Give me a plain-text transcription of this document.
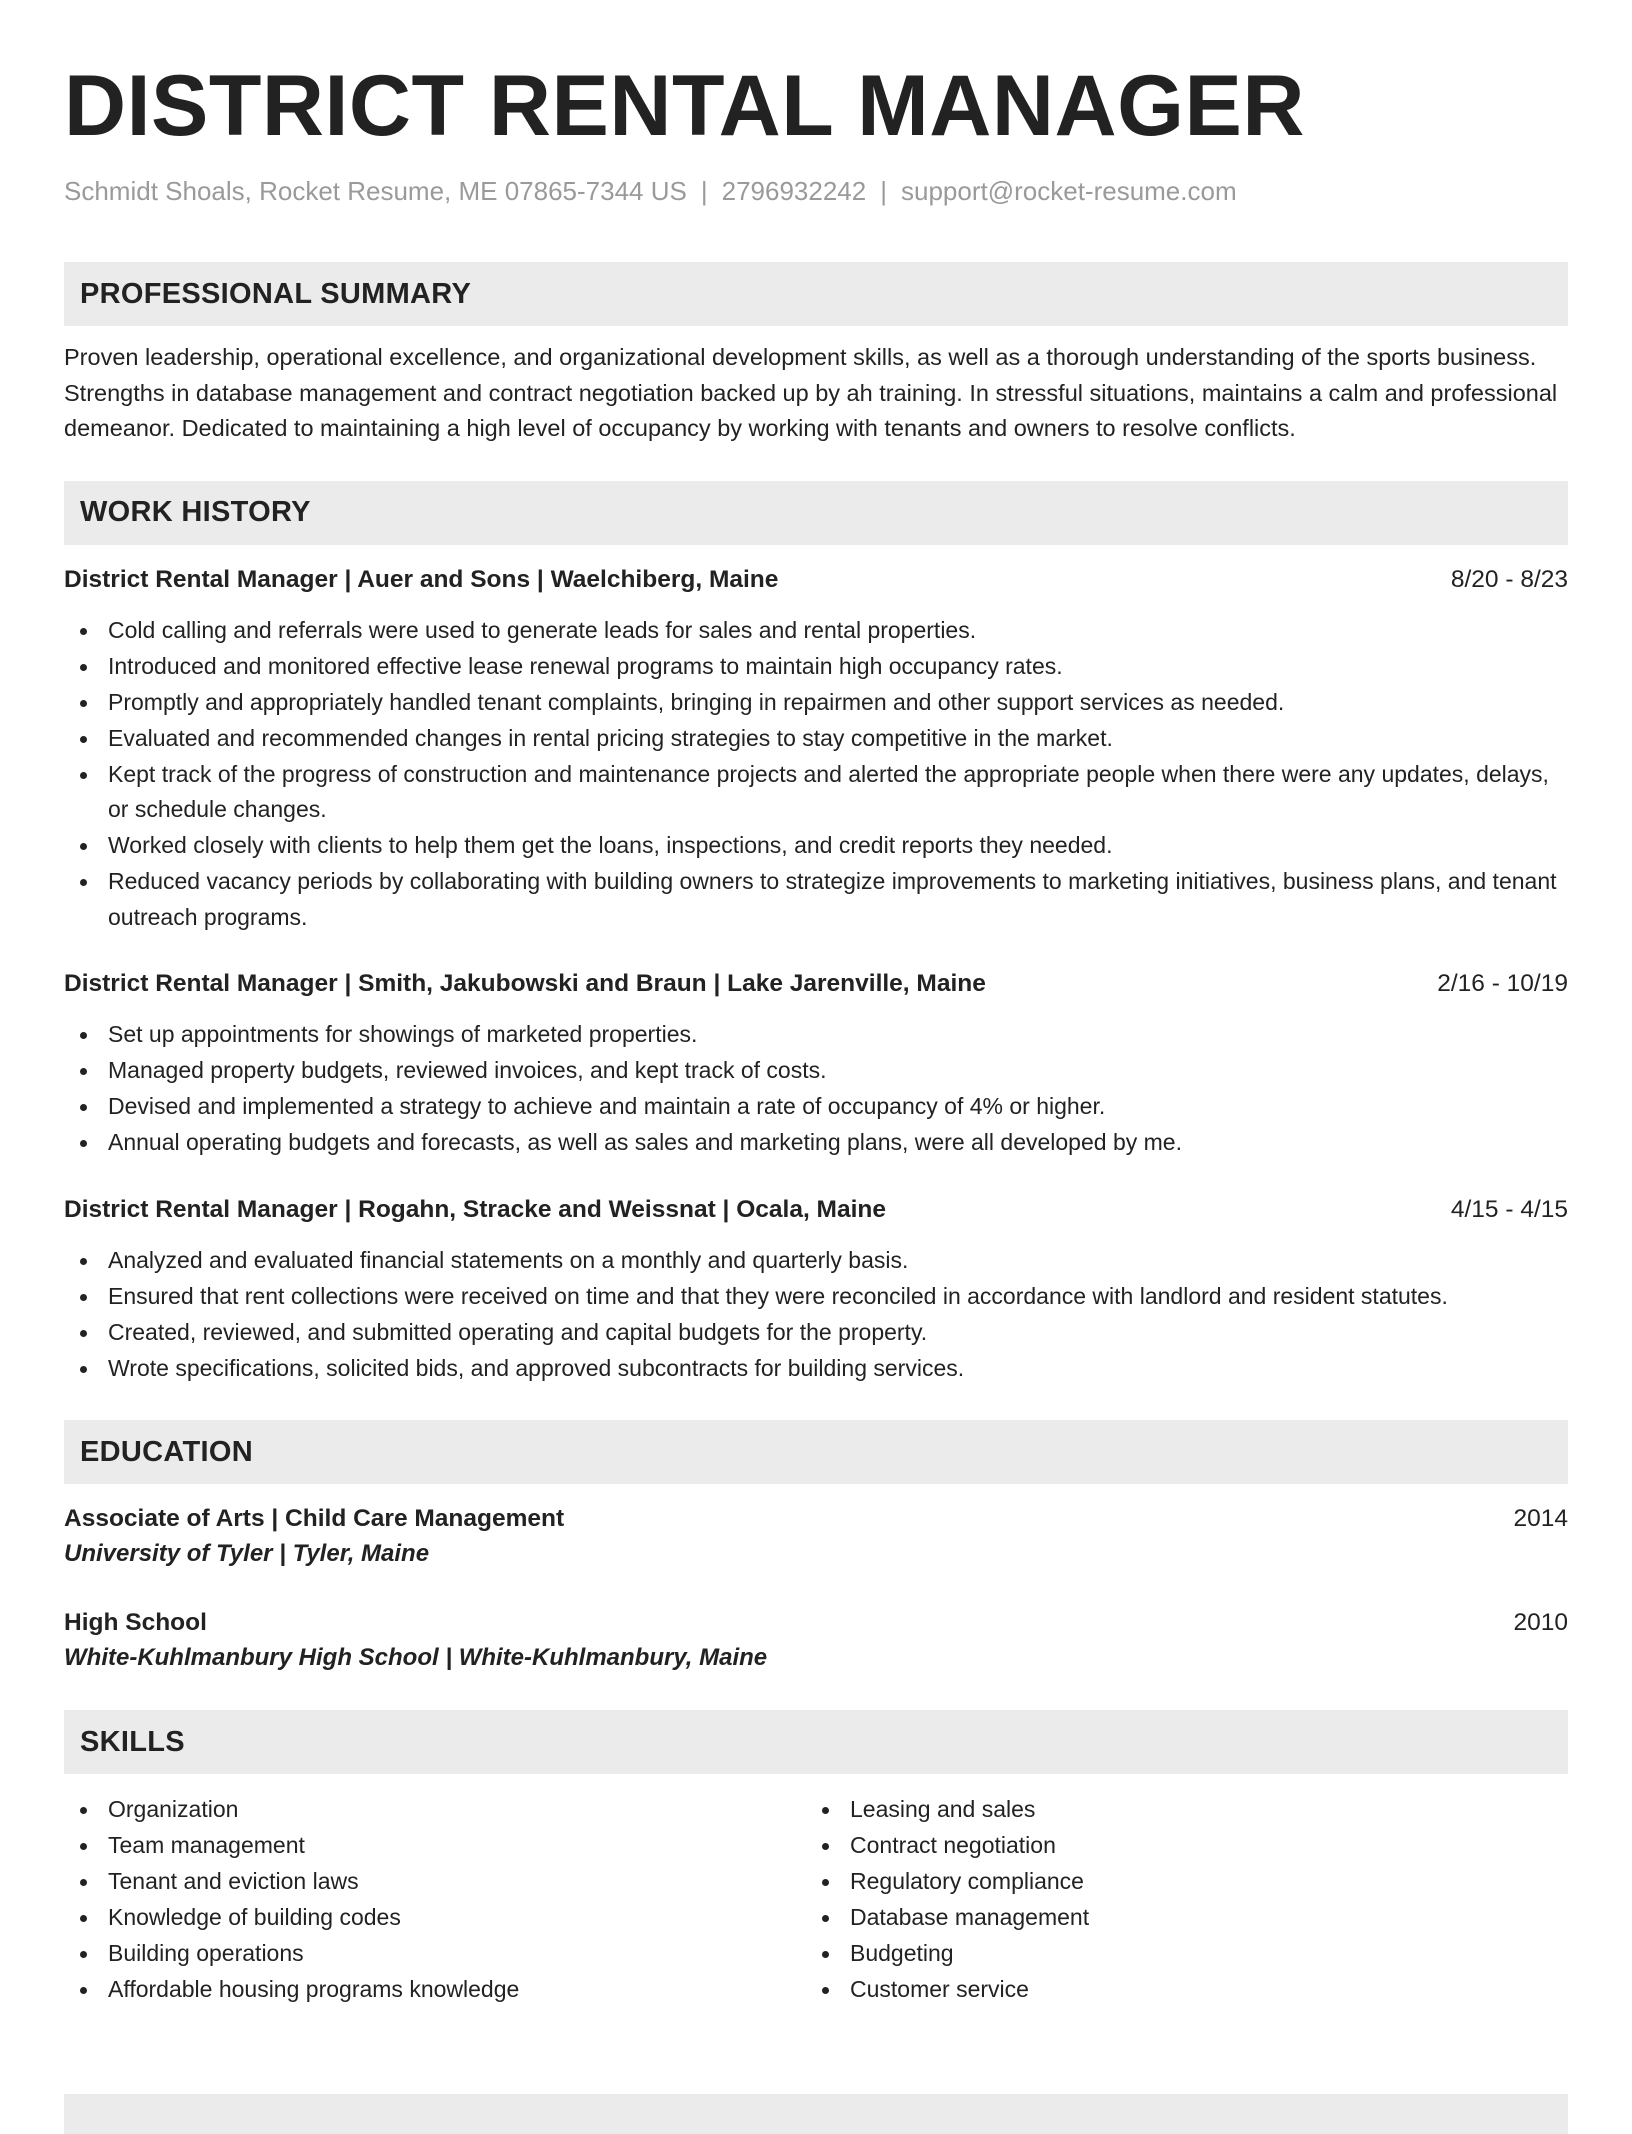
DISTRICT RENTAL MANAGER
Schmidt Shoals, Rocket Resume, ME 07865-7344 US | 2796932242 | support@rocket-resume.com
PROFESSIONAL SUMMARY
Proven leadership, operational excellence, and organizational development skills, as well as a thorough understanding of the sports business. Strengths in database management and contract negotiation backed up by ah training. In stressful situations, maintains a calm and professional demeanor. Dedicated to maintaining a high level of occupancy by working with tenants and owners to resolve conflicts.
WORK HISTORY
District Rental Manager | Auer and Sons | Waelchiberg, Maine	8/20 - 8/23
Cold calling and referrals were used to generate leads for sales and rental properties.
Introduced and monitored effective lease renewal programs to maintain high occupancy rates.
Promptly and appropriately handled tenant complaints, bringing in repairmen and other support services as needed.
Evaluated and recommended changes in rental pricing strategies to stay competitive in the market.
Kept track of the progress of construction and maintenance projects and alerted the appropriate people when there were any updates, delays, or schedule changes.
Worked closely with clients to help them get the loans, inspections, and credit reports they needed.
Reduced vacancy periods by collaborating with building owners to strategize improvements to marketing initiatives, business plans, and tenant outreach programs.
District Rental Manager | Smith, Jakubowski and Braun | Lake Jarenville, Maine	2/16 - 10/19
Set up appointments for showings of marketed properties.
Managed property budgets, reviewed invoices, and kept track of costs.
Devised and implemented a strategy to achieve and maintain a rate of occupancy of 4% or higher.
Annual operating budgets and forecasts, as well as sales and marketing plans, were all developed by me.
District Rental Manager | Rogahn, Stracke and Weissnat | Ocala, Maine	4/15 - 4/15
Analyzed and evaluated financial statements on a monthly and quarterly basis.
Ensured that rent collections were received on time and that they were reconciled in accordance with landlord and resident statutes.
Created, reviewed, and submitted operating and capital budgets for the property.
Wrote specifications, solicited bids, and approved subcontracts for building services.
EDUCATION
Associate of Arts | Child Care Management	2014
University of Tyler | Tyler, Maine
High School	2010
White-Kuhlmanbury High School | White-Kuhlmanbury, Maine
SKILLS
Organization
Team management
Tenant and eviction laws
Knowledge of building codes
Building operations
Affordable housing programs knowledge
Leasing and sales
Contract negotiation
Regulatory compliance
Database management
Budgeting
Customer service
